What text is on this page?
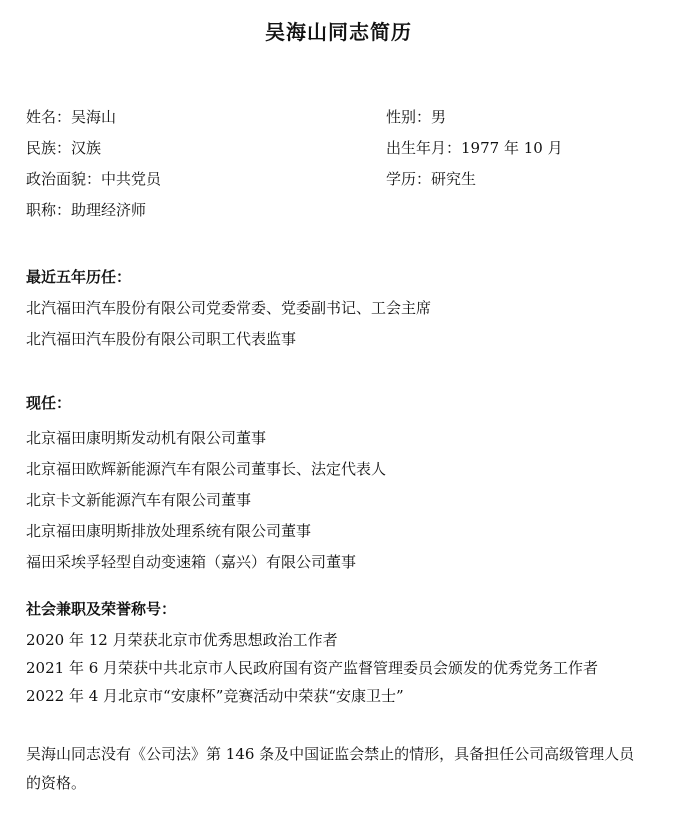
吴海山同志简历
姓名：吴海山	性别：男
民族：汉族	出生年月：1977 年 10 月
政治面貌：中共党员	学历：研究生
职称：助理经济师
最近五年历任：
北汽福田汽车股份有限公司党委常委、党委副书记、工会主席
北汽福田汽车股份有限公司职工代表监事
现任：
北京福田康明斯发动机有限公司董事
北京福田欧辉新能源汽车有限公司董事长、法定代表人
北京卡文新能源汽车有限公司董事
北京福田康明斯排放处理系统有限公司董事
福田采埃孚轻型自动变速箱（嘉兴）有限公司董事
社会兼职及荣誉称号：
2020 年 12 月荣获北京市优秀思想政治工作者
2021 年 6 月荣获中共北京市人民政府国有资产监督管理委员会颁发的优秀党务工作者
2022 年 4 月北京市“安康杯”竞赛活动中荣获“安康卫士”
吴海山同志没有《公司法》第 146 条及中国证监会禁止的情形，具备担任公司高级管理人员的资格。
